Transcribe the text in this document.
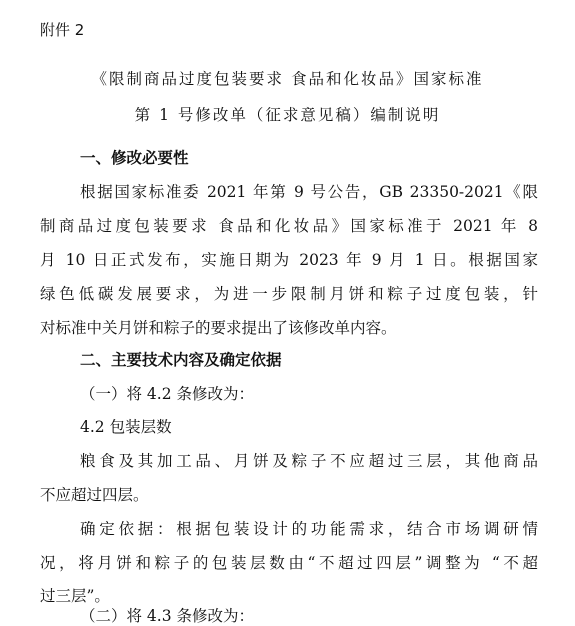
附件 2
《限制商品过度包装要求 食品和化妆品》国家标准
第 1 号修改单（征求意见稿）编制说明
一、修改必要性
根据国家标准委 2021 年第 9 号公告，GB 23350-2021《限
制商品过度包装要求 食品和化妆品》国家标准于 2021 年 8
月 10 日正式发布，实施日期为 2023 年 9 月 1 日。根据国家
绿色低碳发展要求，为进一步限制月饼和粽子过度包装，针
对标准中关月饼和粽子的要求提出了该修改单内容。
二、主要技术内容及确定依据
（一）将 4.2 条修改为：
4.2 包装层数
粮食及其加工品、月饼及粽子不应超过三层，其他商品
不应超过四层。
确定依据：根据包装设计的功能需求，结合市场调研情
况，将月饼和粽子的包装层数由“不超过四层”调整为 “不超
过三层”。
（二）将 4.3 条修改为：
